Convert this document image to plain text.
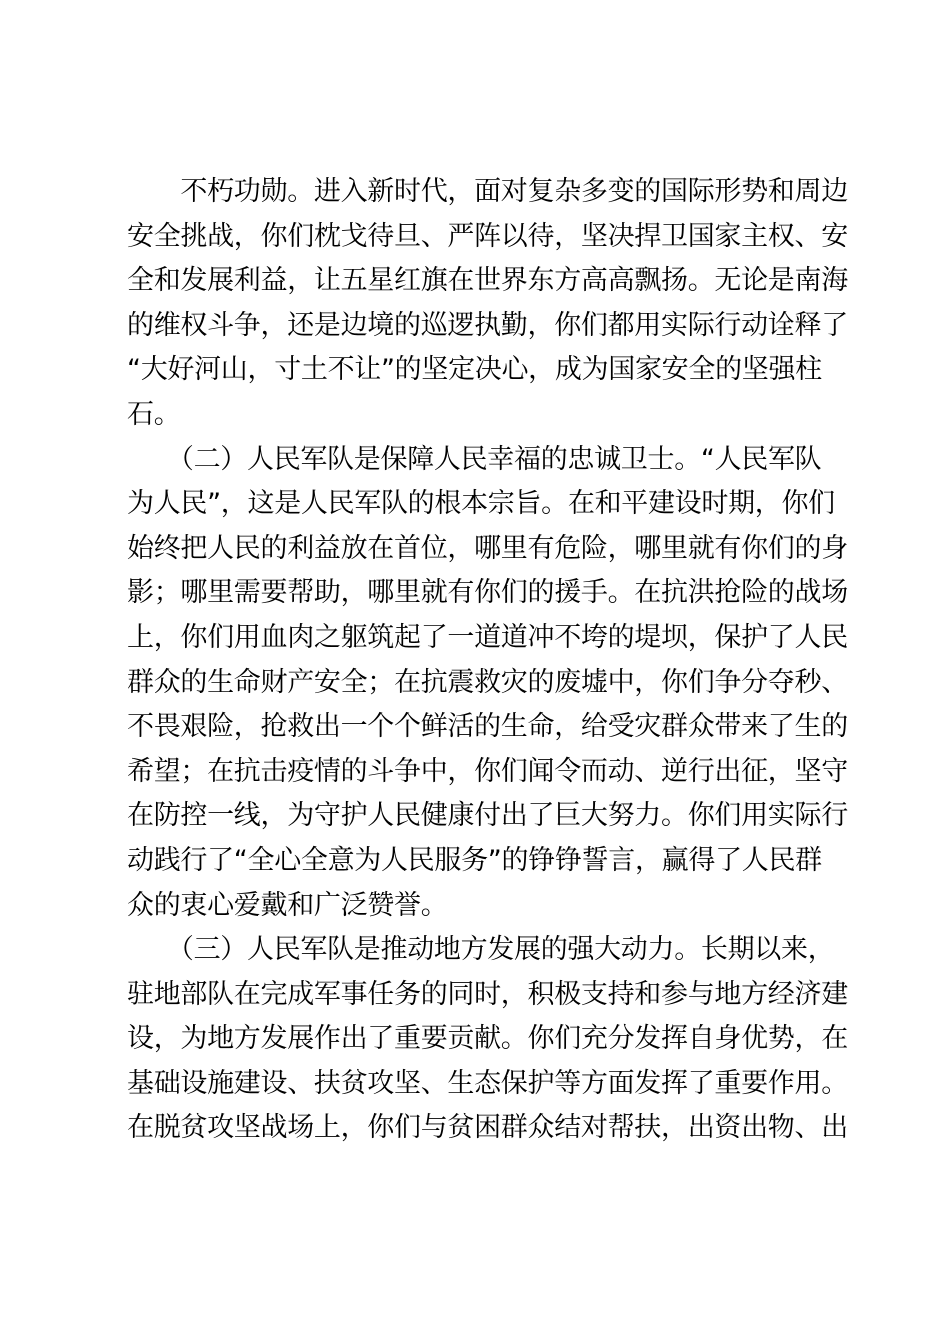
　　不朽功勋。进入新时代，面对复杂多变的国际形势和周边
安全挑战，你们枕戈待旦、严阵以待，坚决捍卫国家主权、安
全和发展利益，让五星红旗在世界东方高高飘扬。无论是南海
的维权斗争，还是边境的巡逻执勤，你们都用实际行动诠释了
“大好河山，寸土不让”的坚定决心，成为国家安全的坚强柱
石。
　　（二）人民军队是保障人民幸福的忠诚卫士。“人民军队
为人民”，这是人民军队的根本宗旨。在和平建设时期，你们
始终把人民的利益放在首位，哪里有危险，哪里就有你们的身
影；哪里需要帮助，哪里就有你们的援手。在抗洪抢险的战场
上，你们用血肉之躯筑起了一道道冲不垮的堤坝，保护了人民
群众的生命财产安全；在抗震救灾的废墟中，你们争分夺秒、
不畏艰险，抢救出一个个鲜活的生命，给受灾群众带来了生的
希望；在抗击疫情的斗争中，你们闻令而动、逆行出征，坚守
在防控一线，为守护人民健康付出了巨大努力。你们用实际行
动践行了“全心全意为人民服务”的铮铮誓言，赢得了人民群
众的衷心爱戴和广泛赞誉。
　　（三）人民军队是推动地方发展的强大动力。长期以来，
驻地部队在完成军事任务的同时，积极支持和参与地方经济建
设，为地方发展作出了重要贡献。你们充分发挥自身优势，在
基础设施建设、扶贫攻坚、生态保护等方面发挥了重要作用。
在脱贫攻坚战场上，你们与贫困群众结对帮扶，出资出物、出
